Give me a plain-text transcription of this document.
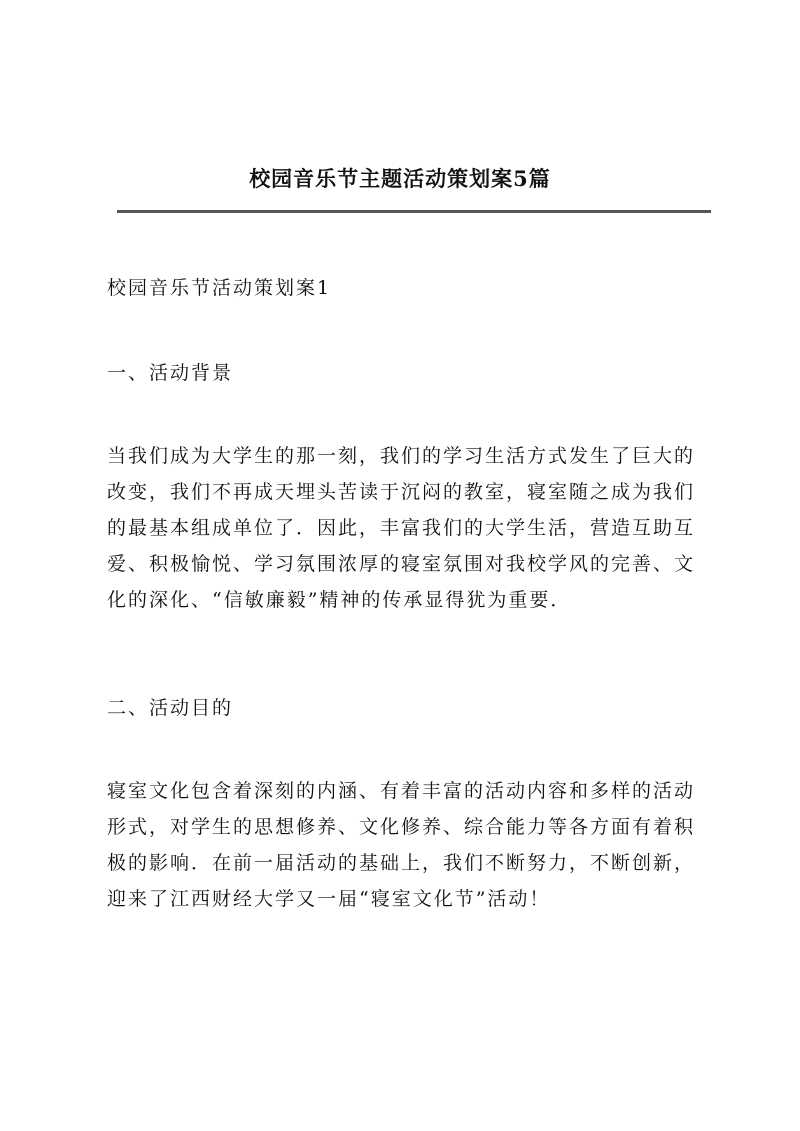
校园音乐节主题活动策划案5篇
校园音乐节活动策划案1
一、活动背景
当我们成为大学生的那一刻，我们的学习生活方式发生了巨大的
改变，我们不再成天埋头苦读于沉闷的教室，寝室随之成为我们
的最基本组成单位了．因此，丰富我们的大学生活，营造互助互
爱、积极愉悦、学习氛围浓厚的寝室氛围对我校学风的完善、文
化的深化、“信敏廉毅”精神的传承显得犹为重要．
二、活动目的
寝室文化包含着深刻的内涵、有着丰富的活动内容和多样的活动
形式，对学生的思想修养、文化修养、综合能力等各方面有着积
极的影响．在前一届活动的基础上，我们不断努力，不断创新，
迎来了江西财经大学又一届“寝室文化节”活动！
